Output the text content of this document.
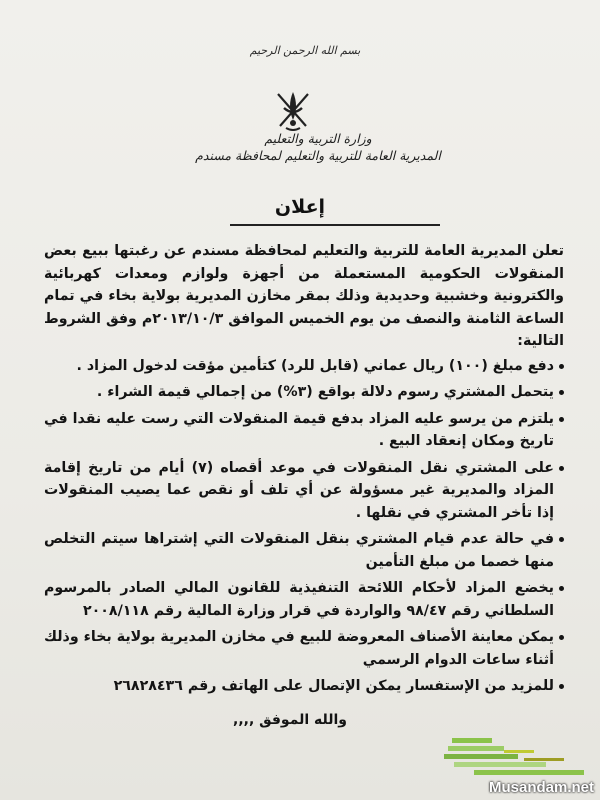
بسم الله الرحمن الرحيم
وزارة التربية والتعليم
المديرية العامة للتربية والتعليم لمحافظة مسندم
إعلان

تعلن المديرية العامة للتربية والتعليم لمحافظة مسندم عن رغبتها ببيع بعض المنقولات الحكومية المستعملة من أجهزة ولوازم ومعدات كهربائية والكترونية وخشبية وحديدية وذلك بمقر مخازن المديرية بولاية بخاء في تمام الساعة الثامنة والنصف من يوم الخميس الموافق ٢٠١٣/١٠/٣م وفق الشروط التالية:

دفع مبلغ (١٠٠) ريال عماني (قابل للرد) كتأمين مؤقت لدخول المزاد .
يتحمل المشتري رسوم دلالة بواقع (٣%) من إجمالي قيمة الشراء .
يلتزم من يرسو عليه المزاد بدفع قيمة المنقولات التي رست عليه نقدا في تاريخ ومكان إنعقاد البيع .
على المشتري نقل المنقولات في موعد أقصاه (٧) أيام من تاريخ إقامة المزاد والمديرية غير مسؤولة عن أي تلف أو نقص عما يصيب المنقولات إذا تأخر المشتري في نقلها .
في حالة عدم قيام المشتري بنقل المنقولات التي إشتراها سيتم التخلص منها خصما من مبلغ التأمين
يخضع المزاد لأحكام اللائحة التنفيذية للقانون المالي الصادر بالمرسوم السلطاني رقم ٩٨/٤٧ والواردة في قرار وزارة المالية رقم ٢٠٠٨/١١٨
يمكن معاينة الأصناف المعروضة للبيع في مخازن المديرية بولاية بخاء وذلك أثناء ساعات الدوام الرسمي
للمزيد من الإستفسار يمكن الإتصال على الهاتف رقم ٢٦٨٢٨٤٣٦
والله الموفق ,,,,
Musandam.net
